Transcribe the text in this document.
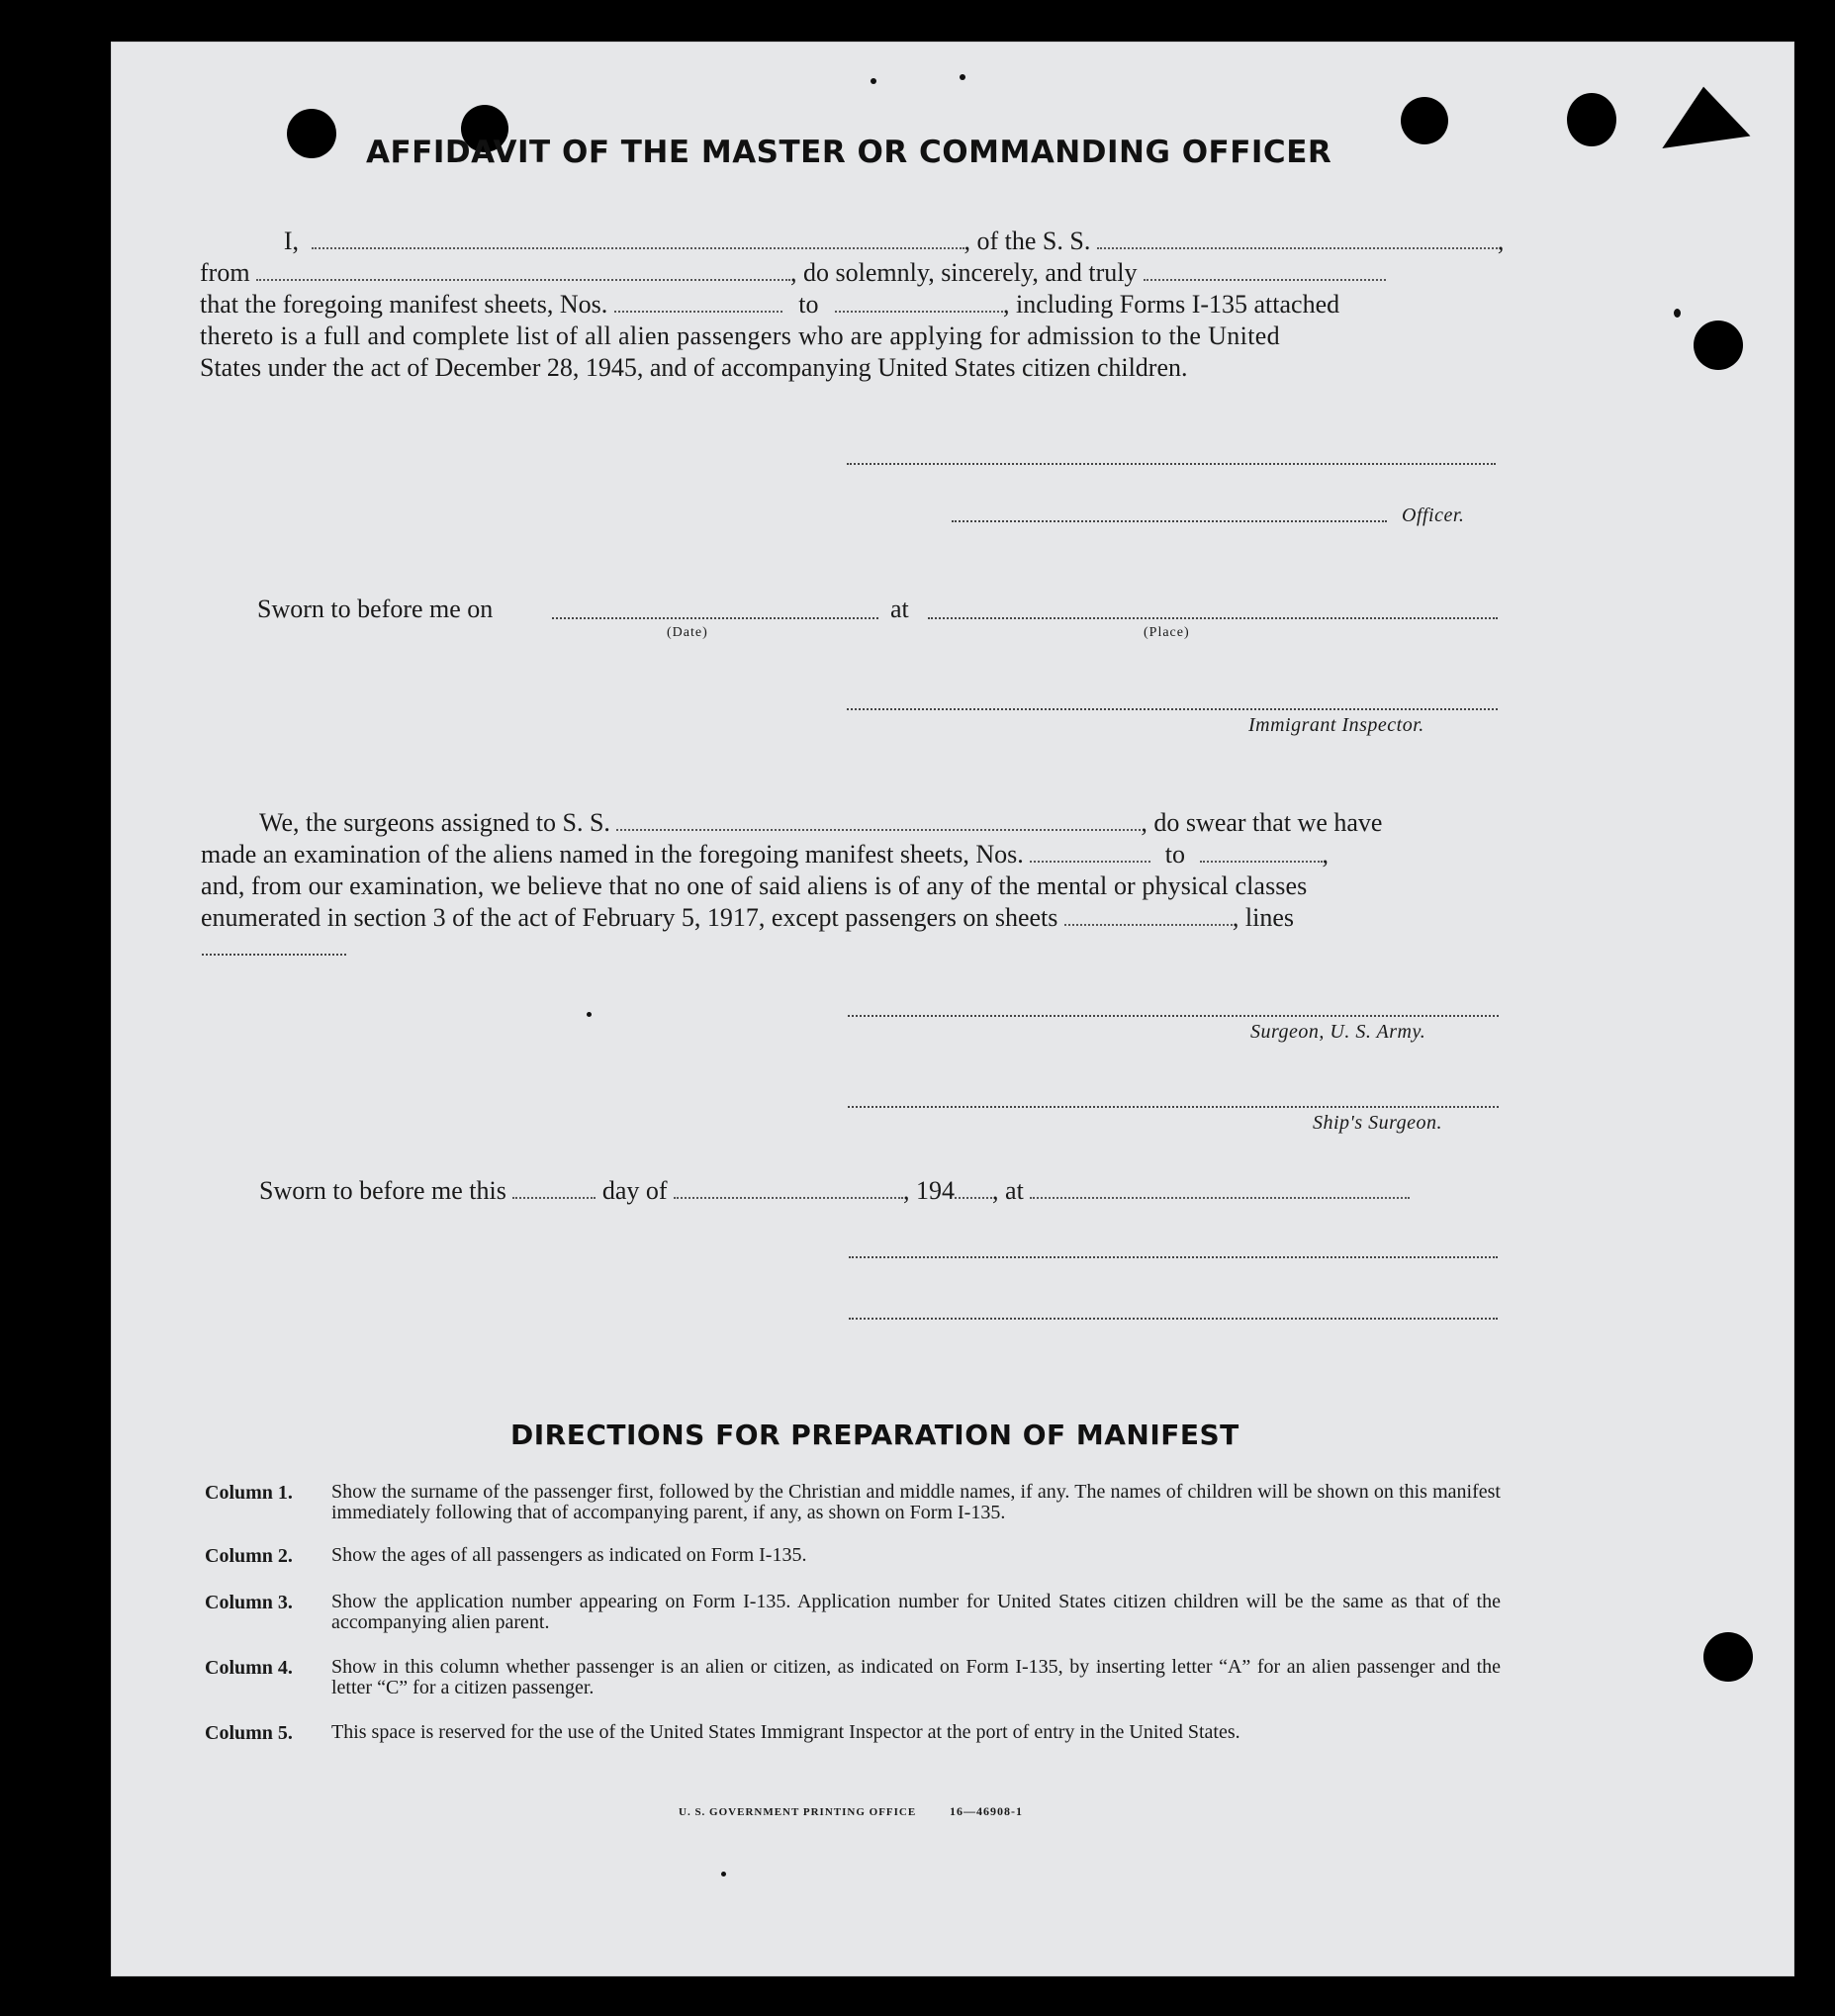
AFFIDAVIT OF THE MASTER OR COMMANDING OFFICER
I,	, of the S. S.	,
from	, do solemnly, sincerely, and truly
that the foregoing manifest sheets, Nos.	to	, including Forms I-135 attached
thereto is a full and complete list of all alien passengers who are applying for admission to the United
States under the act of December 28, 1945, and of accompanying United States citizen children.
Officer.
Sworn to before me on	at
(Date)	(Place)
Immigrant Inspector.
We, the surgeons assigned to S. S.	, do swear that we have
made an examination of the aliens named in the foregoing manifest sheets, Nos.	to	,
and, from our examination, we believe that no one of said aliens is of any of the mental or physical classes
enumerated in section 3 of the act of February 5, 1917, except passengers on sheets	, lines
Surgeon, U. S. Army.
Ship's Surgeon.
Sworn to before me this	day of	, 194 , at
DIRECTIONS FOR PREPARATION OF MANIFEST
Column 1.	Show the surname of the passenger first, followed by the Christian and middle names, if any. The names of children will be shown on this manifest immediately following that of accompanying parent, if any, as shown on Form I-135.
Column 2.	Show the ages of all passengers as indicated on Form I-135.
Column 3.	Show the application number appearing on Form I-135. Application number for United States citizen children will be the same as that of the accompanying alien parent.
Column 4.	Show in this column whether passenger is an alien or citizen, as indicated on Form I-135, by inserting letter “A” for an alien passenger and the letter “C” for a citizen passenger.
Column 5.	This space is reserved for the use of the United States Immigrant Inspector at the port of entry in the United States.
U. S. GOVERNMENT PRINTING OFFICE	16—46908-1
